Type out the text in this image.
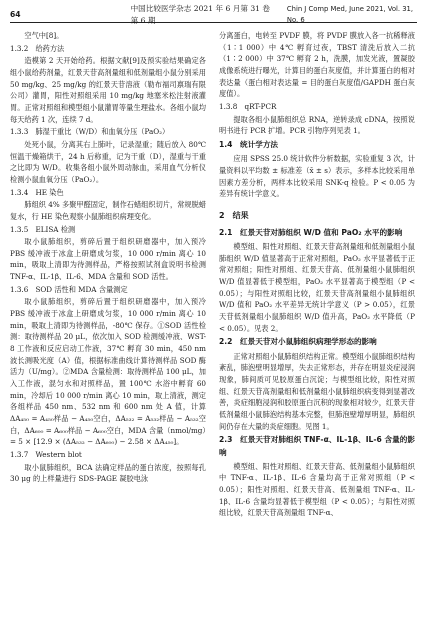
64
中国比较医学杂志 2021 年 6 月第 31 卷第 6 期
Chin J Comp Med, June 2021, Vol. 31, No. 6

空气中[8]。

1.3.2　给药方法

造模第 2 天开始给药。根据文献[9]及预实验结果确定各组小鼠给药剂量，红景天苷高剂量组和低剂量组小鼠分别采用 50 mg/kg、25 mg/kg 的红景天苷溶液（勒布福司禀瑞有限公司）灌胃，阳性对照组采用 10 mg/kg 地塞米松注射液灌胃。正常对照组和模型组小鼠灌胃等量生理盐水。各组小鼠均每天给药 1 次，连续 7 d。

1.3.3　肺湿干重比（W/D）和血氧分压（PaO₂）

处死小鼠，分离其右上肺叶，记录湿重；随后放入 80℃ 恒温干燥箱烘干，24 h 后称重，记为干重（D），湿重与干重之比即为 W/D。收集各组小鼠外周动脉血，采用血气分析仪检测小鼠血氧分压（PaO₂）。

1.3.4　HE 染色

肺组织 4% 多聚甲醛固定，制作石蜡组织切片，常规脱蜡复水，行 HE 染色观察小鼠肺组织病理变化。

1.3.5　ELISA 检测

取小鼠肺组织，剪碎后置于组织研磨器中，加入预冷 PBS 缓冲液于冰盒上研磨成匀浆，10 000 r/min 离心 10 min，吸取上清即为待测样品，严格按照试剂盒说明书检测 TNF-α、IL-1β、IL-6、MDA 含量和 SOD 活性。

1.3.6　SOD 活性和 MDA 含量测定

取小鼠肺组织，剪碎后置于组织研磨器中，加入预冷 PBS 缓冲液于冰盒上研磨成匀浆，10 000 r/min 离心 10 min，吸取上清即为待测样品，-80℃ 保存。①SOD 活性检测：取待测样品 20 μL，依次加入 SOD 检测缓冲液、WST-8 工作液和反应启动工作液，37℃ 孵育 30 min，450 nm 波长测吸光度（A）值，根据标准曲线计算待测样品 SOD 酶活力（U/mg）。②MDA 含量检测：取待测样品 100 μL，加入工作液，混匀水和对照样品，置 100℃ 水浴中孵育 60 min，冷却后 10 000 r/min 离心 10 min，取上清液，测定各组样品 450 nm、532 nm 和 600 nm 处 A 值，计算 ΔA₄₅₀ = A₄₅₀样品 − A₄₅₀空白，ΔA₅₃₂ = A₅₃₂样品 − A₅₃₂空白，ΔA₆₀₀ = A₆₀₀样品 − A₆₀₀空白，MDA 含量（nmol/mg）= 5 × [12.9 × (ΔA₅₃₂ − ΔA₆₀₀) − 2.58 × ΔA₄₅₀]。

1.3.7　Western blot

取小鼠肺组织，BCA 法确定样品的蛋白浓度，按照每孔 30 μg 的上样量进行 SDS-PAGE 凝胶电泳

分离蛋白，电转至 PVDF 膜，将 PVDF 膜放入各一抗稀释液（1∶1 000）中 4℃ 孵育过夜，TBST 清洗后放入二抗（1∶2 000）中 37℃ 孵育 2 h，洗膜，加发光液，置凝胶成像系统进行曝光，计算目的蛋白灰度值，并计算蛋白的相对表达量（蛋白相对表达量 = 目的蛋白灰度值/GAPDH 蛋白灰度值）。

1.3.8　qRT-PCR

提取各组小鼠肺组织总 RNA，逆转录成 cDNA，按照说明书进行 PCR 扩增。PCR 引物序列见表 1。

1.4　统计学方法

应用 SPSS 25.0 统计软件分析数据，实验重复 3 次，计量资料以平均数 ± 标准差（x̄ ± s）表示，多样本比较采用单因素方差分析，两样本比较采用 SNK-q 检验。P < 0.05 为差异有统计学意义。

2　结果

2.1　红景天苷对肺组织 W/D 值和 PaO₂ 水平的影响

模型组、阳性对照组、红景天苷高剂量组和低剂量组小鼠肺组织 W/D 值显著高于正常对照组，PaO₂ 水平显著低于正常对照组；阳性对照组、红景天苷高、低剂量组小鼠肺组织 W/D 值显著低于模型组，PaO₂ 水平显著高于模型组（P < 0.05）；与阳性对照组比较，红景天苷高剂量组小鼠肺组织 W/D 值和 PaO₂ 水平差异无统计学意义（P > 0.05），红景天苷低剂量组小鼠肺组织 W/D 值升高，PaO₂ 水平降低（P < 0.05）。见表 2。

2.2　红景天苷对小鼠肺组织病理学形态的影响

正常对照组小鼠肺组织结构正常。模型组小鼠肺组织结构紊乱，肺泡壁明显增厚，失去正常形态，并存在明显炎症浸润现象，肺间质可见胶原蛋白沉淀；与模型组比较，阳性对照组、红景天苷高剂量组和低剂量组小鼠肺组织病变得到显著改善，炎症细胞浸润和胶原蛋白沉积的现象相对较少，红景天苷低剂量组小鼠肺泡结构基本完整，但肺泡壁增厚明显，肺组织间仍存在大量的炎症细胞。见图 1。

2.3　红景天苷对肺组织 TNF-α、IL-1β、IL-6 含量的影响

模型组、阳性对照组、红景天苷高、低剂量组小鼠肺组织中 TNF-α、IL-1β、IL-6 含量均高于正常对照组（P < 0.05）；阳性对照组、红景天苷高、低剂量组 TNF-α、IL-1β、IL-6 含量均显著低于模型组（P < 0.05）；与阳性对照组比较，红景天苷高剂量组 TNF-α、
